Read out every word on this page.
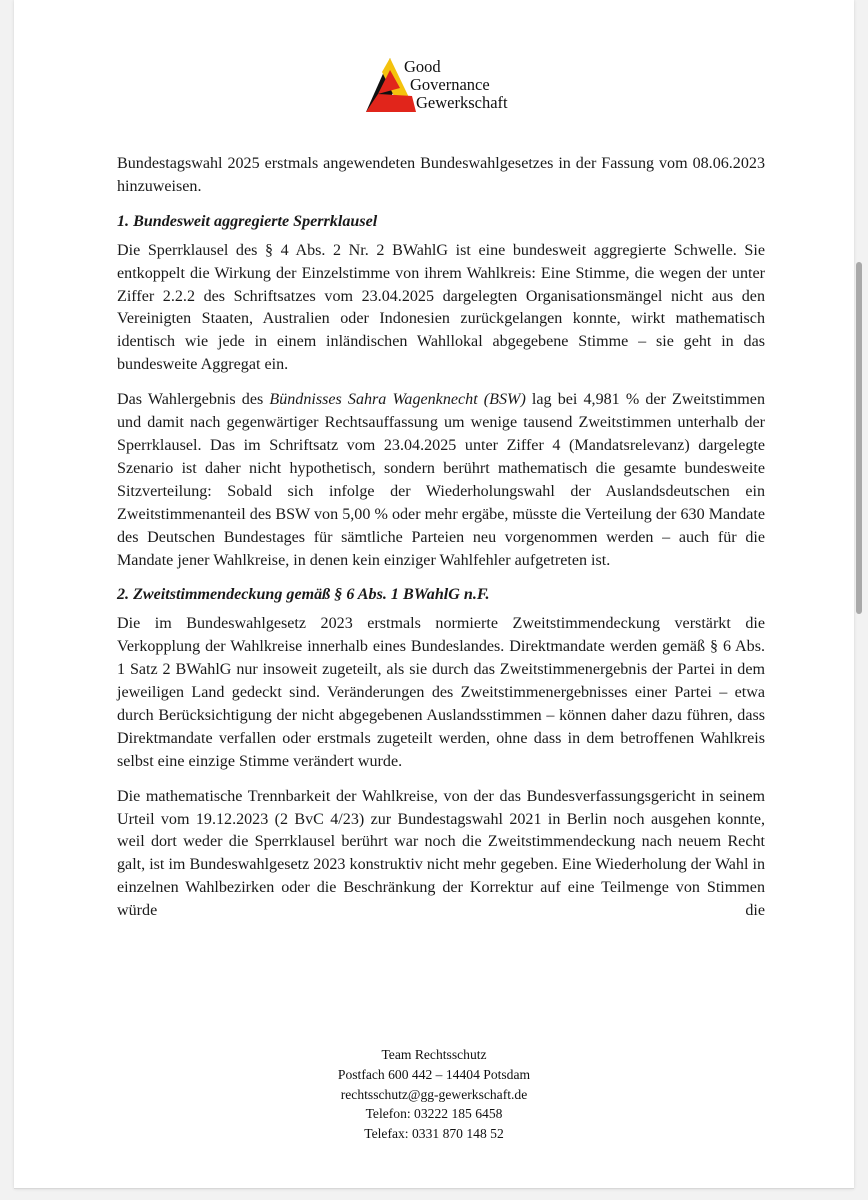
Good
Governance
Gewerkschaft

Bundestagswahl 2025 erstmals angewendeten Bundeswahlgesetzes in der Fassung vom 08.06.2023 hinzuweisen.

1. Bundesweit aggregierte Sperrklausel

Die Sperrklausel des § 4 Abs. 2 Nr. 2 BWahlG ist eine bundesweit aggregierte Schwelle. Sie entkoppelt die Wirkung der Einzelstimme von ihrem Wahlkreis: Eine Stimme, die wegen der unter Ziffer 2.2.2 des Schriftsatzes vom 23.04.2025 dargelegten Organisationsmängel nicht aus den Vereinigten Staaten, Australien oder Indonesien zurückgelangen konnte, wirkt mathematisch identisch wie jede in einem inländischen Wahllokal abgegebene Stimme – sie geht in das bundesweite Aggregat ein.

Das Wahlergebnis des Bündnisses Sahra Wagenknecht (BSW) lag bei 4,981 % der Zweitstimmen und damit nach gegenwärtiger Rechtsauffassung um wenige tausend Zweitstimmen unterhalb der Sperrklausel. Das im Schriftsatz vom 23.04.2025 unter Ziffer 4 (Mandatsrelevanz) dargelegte Szenario ist daher nicht hypothetisch, sondern berührt mathematisch die gesamte bundesweite Sitzverteilung: Sobald sich infolge der Wiederholungswahl der Auslandsdeutschen ein Zweitstimmenanteil des BSW von 5,00 % oder mehr ergäbe, müsste die Verteilung der 630 Mandate des Deutschen Bundestages für sämtliche Parteien neu vorgenommen werden – auch für die Mandate jener Wahlkreise, in denen kein einziger Wahlfehler aufgetreten ist.

2. Zweitstimmendeckung gemäß § 6 Abs. 1 BWahlG n.F.

Die im Bundeswahlgesetz 2023 erstmals normierte Zweitstimmendeckung verstärkt die Verkopplung der Wahlkreise innerhalb eines Bundeslandes. Direktmandate werden gemäß § 6 Abs. 1 Satz 2 BWahlG nur insoweit zugeteilt, als sie durch das Zweitstimmenergebnis der Partei in dem jeweiligen Land gedeckt sind. Veränderungen des Zweitstimmenergebnisses einer Partei – etwa durch Berücksichtigung der nicht abgegebenen Auslandsstimmen – können daher dazu führen, dass Direktmandate verfallen oder erstmals zugeteilt werden, ohne dass in dem betroffenen Wahlkreis selbst eine einzige Stimme verändert wurde.

Die mathematische Trennbarkeit der Wahlkreise, von der das Bundesverfassungsgericht in seinem Urteil vom 19.12.2023 (2 BvC 4/23) zur Bundestagswahl 2021 in Berlin noch ausgehen konnte, weil dort weder die Sperrklausel berührt war noch die Zweitstimmendeckung nach neuem Recht galt, ist im Bundeswahlgesetz 2023 konstruktiv nicht mehr gegeben. Eine Wiederholung der Wahl in einzelnen Wahlbezirken oder die Beschränkung der Korrektur auf eine Teilmenge von Stimmen würde die

Team Rechtsschutz
Postfach 600 442 – 14404 Potsdam
rechtsschutz@gg-gewerkschaft.de
Telefon: 03222 185 6458
Telefax: 0331 870 148 52
